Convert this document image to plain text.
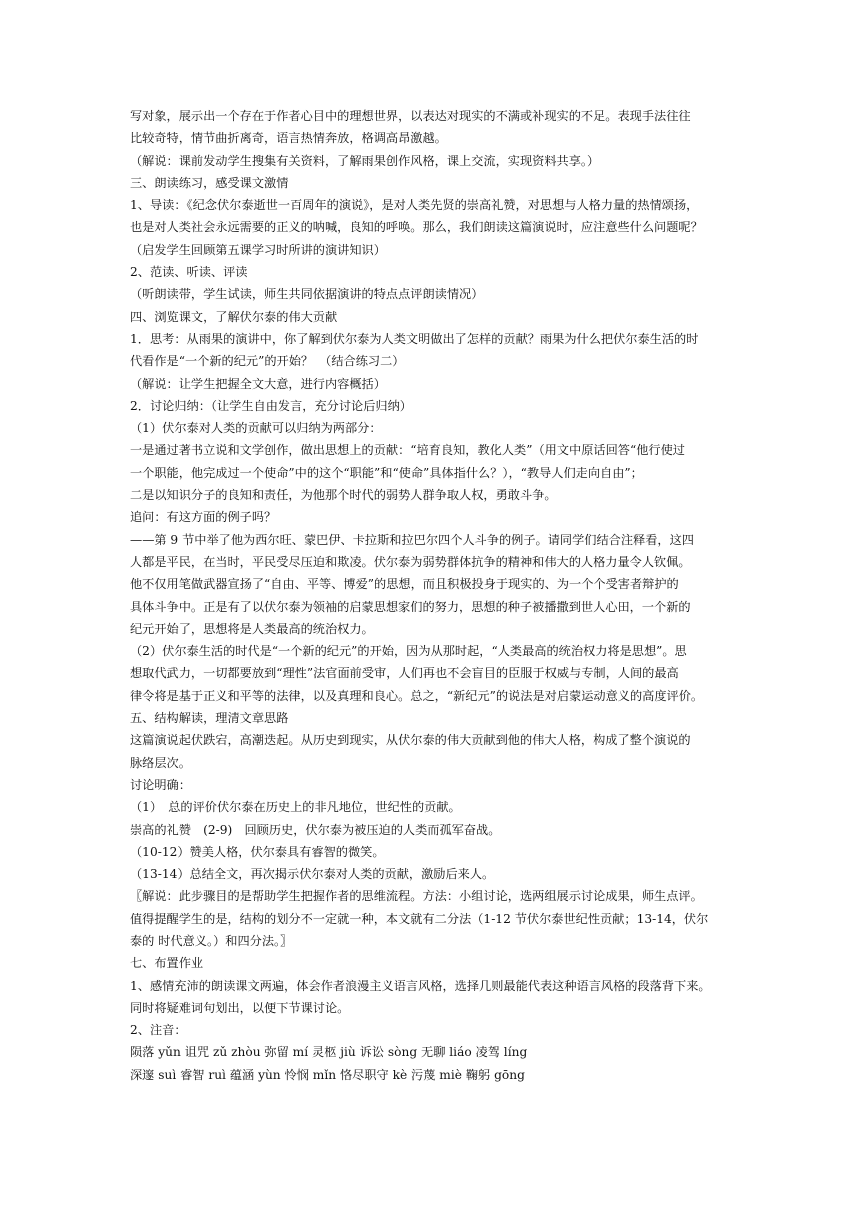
写对象，展示出一个存在于作者心目中的理想世界，以表达对现实的不满或补现实的不足。表现手法往往
比较奇特，情节曲折离奇，语言热情奔放，格调高昂激越。
（解说：课前发动学生搜集有关资料，了解雨果创作风格，课上交流，实现资料共享。）
三、朗读练习，感受课文激情
1、导读：《纪念伏尔泰逝世一百周年的演说》，是对人类先贤的崇高礼赞，对思想与人格力量的热情颂扬，
也是对人类社会永远需要的正义的呐喊，良知的呼唤。那么，我们朗读这篇演说时，应注意些什么问题呢？
（启发学生回顾第五课学习时所讲的演讲知识）
2、范读、听读、评读
（听朗读带，学生试读，师生共同依据演讲的特点点评朗读情况）
四、浏览课文，了解伏尔泰的伟大贡献
1．思考：从雨果的演讲中，你了解到伏尔泰为人类文明做出了怎样的贡献？雨果为什么把伏尔泰生活的时
代看作是“一个新的纪元”的开始？　（结合练习二）
（解说：让学生把握全文大意，进行内容概括）
2．讨论归纳：（让学生自由发言，充分讨论后归纳）
（1）伏尔泰对人类的贡献可以归纳为两部分：
一是通过著书立说和文学创作，做出思想上的贡献：“培育良知，教化人类”（用文中原话回答“他行使过
一个职能，他完成过一个使命”中的这个“职能”和“使命”具体指什么？），“教导人们走向自由”；
二是以知识分子的良知和责任，为他那个时代的弱势人群争取人权，勇敢斗争。
追问：有这方面的例子吗？
——第 9 节中举了他为西尔旺、蒙巴伊、卡拉斯和拉巴尔四个人斗争的例子。请同学们结合注释看，这四
人都是平民，在当时，平民受尽压迫和欺凌。伏尔泰为弱势群体抗争的精神和伟大的人格力量令人钦佩。
他不仅用笔做武器宣扬了“自由、平等、博爱”的思想，而且积极投身于现实的、为一个个受害者辩护的
具体斗争中。正是有了以伏尔泰为领袖的启蒙思想家们的努力，思想的种子被播撒到世人心田，一个新的
纪元开始了，思想将是人类最高的统治权力。
（2）伏尔泰生活的时代是“一个新的纪元”的开始，因为从那时起，“人类最高的统治权力将是思想”。思
想取代武力，一切都要放到“理性”法官面前受审，人们再也不会盲目的臣服于权威与专制，人间的最高
律令将是基于正义和平等的法律，以及真理和良心。总之，“新纪元”的说法是对启蒙运动意义的高度评价。
五、结构解读，理清文章思路
这篇演说起伏跌宕，高潮迭起。从历史到现实，从伏尔泰的伟大贡献到他的伟大人格，构成了整个演说的
脉络层次。
讨论明确：
（1）　总的评价伏尔泰在历史上的非凡地位，世纪性的贡献。
崇高的礼赞　(2-9)　回顾历史，伏尔泰为被压迫的人类而孤军奋战。
（10-12）赞美人格，伏尔泰具有睿智的微笑。
（13-14）总结全文，再次揭示伏尔泰对人类的贡献，激励后来人。
〖解说：此步骤目的是帮助学生把握作者的思维流程。方法：小组讨论，选两组展示讨论成果，师生点评。
值得提醒学生的是，结构的划分不一定就一种，本文就有二分法（1-12 节伏尔泰世纪性贡献；13-14，伏尔
泰的 时代意义。）和四分法。〗
七、布置作业
1、感情充沛的朗读课文两遍，体会作者浪漫主义语言风格，选择几则最能代表这种语言风格的段落背下来。
同时将疑难词句划出，以便下节课讨论。
2、注音：
陨落 yǔn 诅咒 zǔ zhòu 弥留 mí 灵柩 jiù 诉讼 sòng 无聊 liáo 凌驾 líng
深邃 suì 睿智 ruì 蕴涵 yùn 怜悯 mǐn 恪尽职守 kè 污蔑 miè 鞠躬 gōng
